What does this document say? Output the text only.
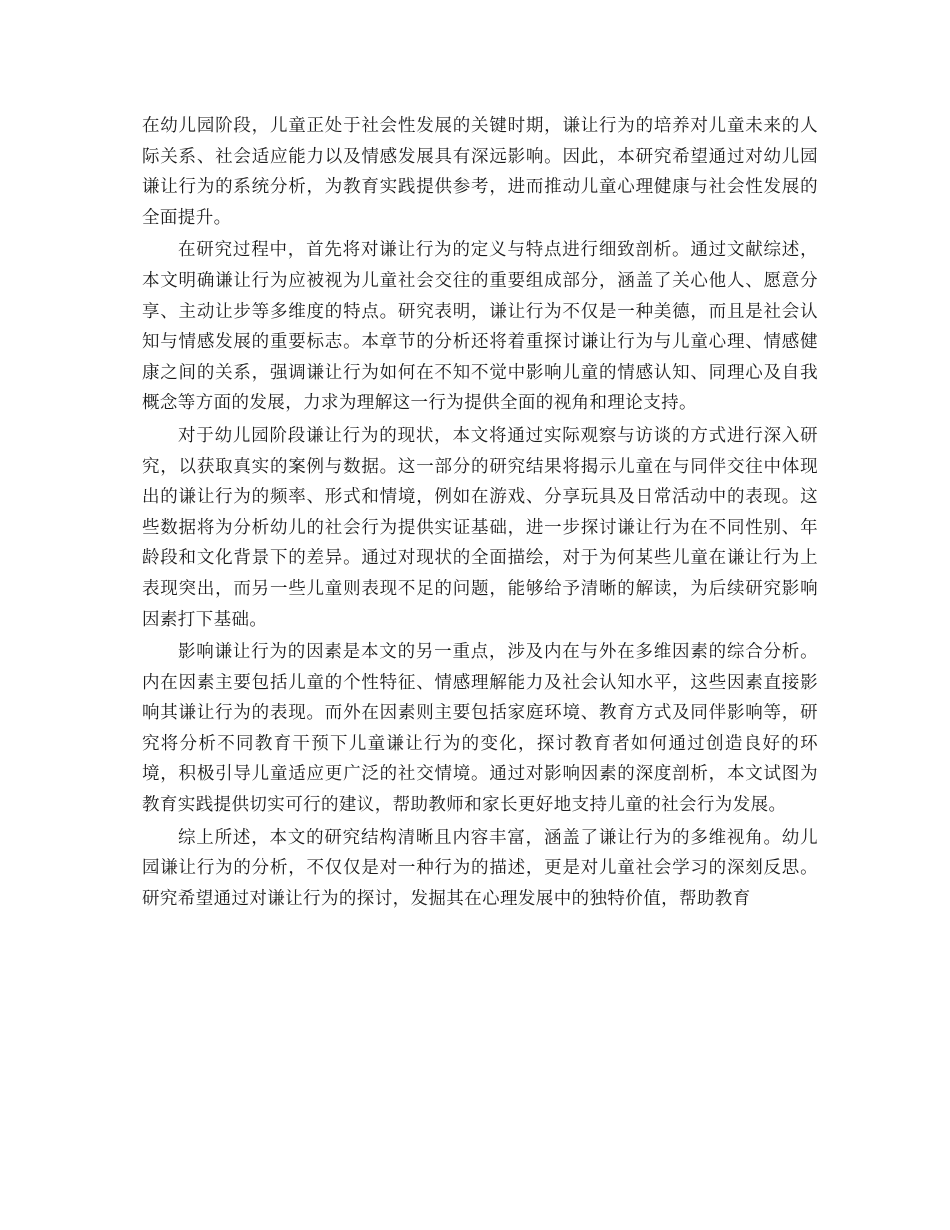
在幼儿园阶段，儿童正处于社会性发展的关键时期，谦让行为的培养对儿童未来的人际关系、社会适应能力以及情感发展具有深远影响。因此，本研究希望通过对幼儿园谦让行为的系统分析，为教育实践提供参考，进而推动儿童心理健康与社会性发展的全面提升。

在研究过程中，首先将对谦让行为的定义与特点进行细致剖析。通过文献综述，本文明确谦让行为应被视为儿童社会交往的重要组成部分，涵盖了关心他人、愿意分享、主动让步等多维度的特点。研究表明，谦让行为不仅是一种美德，而且是社会认知与情感发展的重要标志。本章节的分析还将着重探讨谦让行为与儿童心理、情感健康之间的关系，强调谦让行为如何在不知不觉中影响儿童的情感认知、同理心及自我概念等方面的发展，力求为理解这一行为提供全面的视角和理论支持。

对于幼儿园阶段谦让行为的现状，本文将通过实际观察与访谈的方式进行深入研究，以获取真实的案例与数据。这一部分的研究结果将揭示儿童在与同伴交往中体现出的谦让行为的频率、形式和情境，例如在游戏、分享玩具及日常活动中的表现。这些数据将为分析幼儿的社会行为提供实证基础，进一步探讨谦让行为在不同性别、年龄段和文化背景下的差异。通过对现状的全面描绘，对于为何某些儿童在谦让行为上表现突出，而另一些儿童则表现不足的问题，能够给予清晰的解读，为后续研究影响因素打下基础。

影响谦让行为的因素是本文的另一重点，涉及内在与外在多维因素的综合分析。内在因素主要包括儿童的个性特征、情感理解能力及社会认知水平，这些因素直接影响其谦让行为的表现。而外在因素则主要包括家庭环境、教育方式及同伴影响等，研究将分析不同教育干预下儿童谦让行为的变化，探讨教育者如何通过创造良好的环境，积极引导儿童适应更广泛的社交情境。通过对影响因素的深度剖析，本文试图为教育实践提供切实可行的建议，帮助教师和家长更好地支持儿童的社会行为发展。

综上所述，本文的研究结构清晰且内容丰富，涵盖了谦让行为的多维视角。幼儿园谦让行为的分析，不仅仅是对一种行为的描述，更是对儿童社会学习的深刻反思。研究希望通过对谦让行为的探讨，发掘其在心理发展中的独特价值，帮助教育
